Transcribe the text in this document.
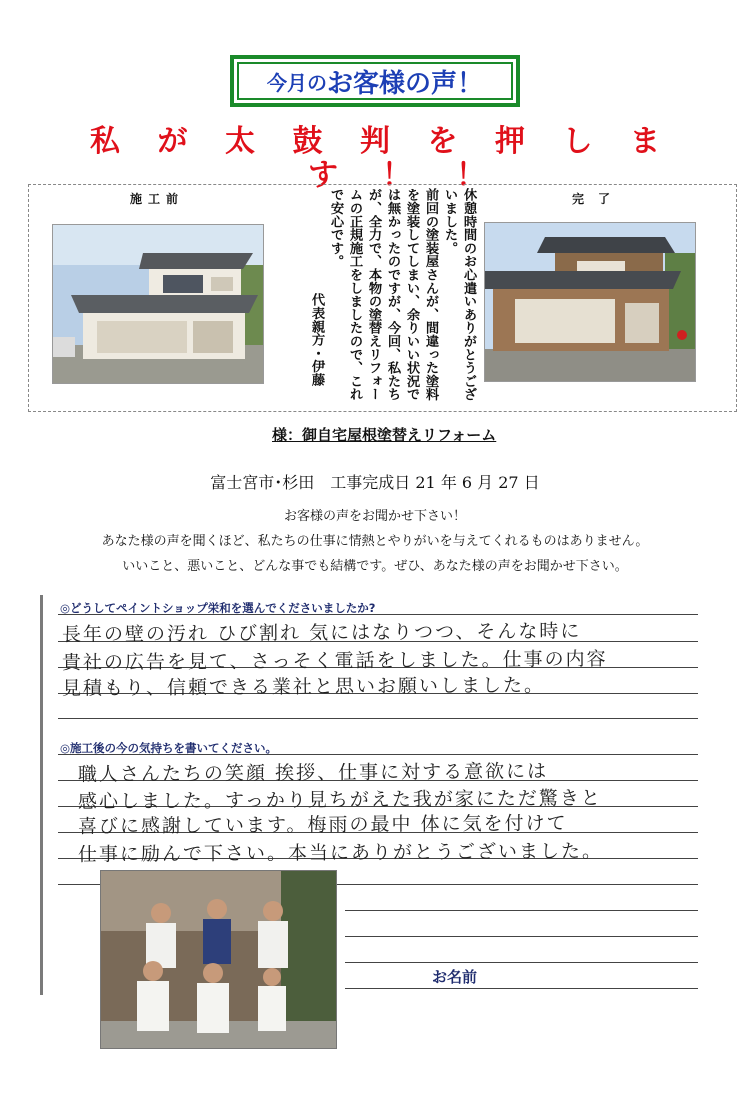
今月の お客様の声！
私 が 太 鼓 判 を 押 し ま
す ！ ！
施工前	完了

休憩時間のお心遣いありがとうございました。

前回の塗装屋さんが、間違った塗料を塗装してしまい、余りいい状況では無かったのですが、今回、私たちが、全力で、本物の塗替えリフォームの正規施工をしましたので、これで安心です。

代表親方・伊藤

様：御自宅屋根塗替えリフォーム
富士宮市･杉田　工事完成日 21 年 6 月 27 日
お客様の声をお聞かせ下さい！
あなた様の声を聞くほど、私たちの仕事に情熱とやりがいを与えてくれるものはありません。
いいこと、悪いこと、どんな事でも結構です。ぜひ、あなた様の声をお聞かせ下さい。
◎どうしてペイントショップ栄和を選んでくださいましたか?
長年の壁の汚れ ひび割れ 気にはなりつつ、そんな時に
貴社の広告を見て、さっそく電話をしました。仕事の内容
見積もり、信頼できる業社と思いお願いしました。
◎施工後の今の気持ちを書いてください。
職人さんたちの笑顔 挨拶、仕事に対する意欲には
感心しました。すっかり見ちがえた我が家にただ驚きと
喜びに感謝しています。梅雨の最中 体に気を付けて
仕事に励んで下さい。本当にありがとうございました。
お名前
